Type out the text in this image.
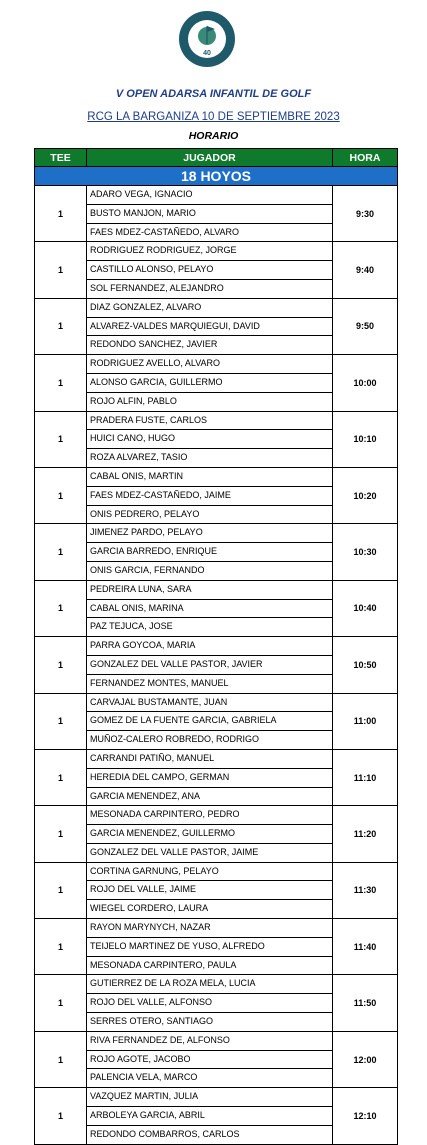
40
V OPEN ADARSA INFANTIL DE GOLF
RCG LA BARGANIZA 10 DE SEPTIEMBRE 2023
HORARIO
TEE	JUGADOR	HORA
18 HOYOS		
1	ADARO VEGA, IGNACIO
BUSTO MANJON, MARIO
FAES MDEZ-CASTAÑEDO, ALVARO	9:30
1	RODRIGUEZ RODRIGUEZ, JORGE
CASTILLO ALONSO, PELAYO
SOL FERNANDEZ, ALEJANDRO	9:40
1	DIAZ GONZALEZ, ALVARO
ALVAREZ-VALDES MARQUIEGUI, DAVID
REDONDO SANCHEZ, JAVIER	9:50
1	RODRIGUEZ AVELLO, ALVARO
ALONSO GARCIA, GUILLERMO
ROJO ALFIN, PABLO	10:00
1	PRADERA FUSTE, CARLOS
HUICI CANO, HUGO
ROZA ALVAREZ, TASIO	10:10
1	CABAL ONIS, MARTIN
FAES MDEZ-CASTAÑEDO, JAIME
ONIS PEDRERO, PELAYO	10:20
1	JIMENEZ PARDO, PELAYO
GARCIA BARREDO, ENRIQUE
ONIS GARCIA, FERNANDO	10:30
1	PEDREIRA LUNA, SARA
CABAL ONIS, MARINA
PAZ TEJUCA, JOSE	10:40
1	PARRA GOYCOA, MARIA
GONZALEZ DEL VALLE PASTOR, JAVIER
FERNANDEZ MONTES, MANUEL	10:50
1	CARVAJAL BUSTAMANTE, JUAN
GOMEZ DE LA FUENTE GARCIA, GABRIELA
MUÑOZ-CALERO ROBREDO, RODRIGO	11:00
1	CARRANDI PATIÑO, MANUEL
HEREDIA DEL CAMPO, GERMAN
GARCIA MENENDEZ, ANA	11:10
1	MESONADA CARPINTERO, PEDRO
GARCIA MENENDEZ, GUILLERMO
GONZALEZ DEL VALLE PASTOR, JAIME	11:20
1	CORTINA GARNUNG, PELAYO
ROJO DEL VALLE, JAIME
WIEGEL CORDERO, LAURA	11:30
1	RAYON MARYNYCH, NAZAR
TEIJELO MARTINEZ DE YUSO, ALFREDO
MESONADA CARPINTERO, PAULA	11:40
1	GUTIERREZ DE LA ROZA MELA, LUCIA
ROJO DEL VALLE, ALFONSO
SERRES OTERO, SANTIAGO	11:50
1	RIVA FERNANDEZ DE, ALFONSO
ROJO AGOTE, JACOBO
PALENCIA VELA, MARCO	12:00
1	VAZQUEZ MARTIN, JULIA
ARBOLEYA GARCIA, ABRIL
REDONDO COMBARROS, CARLOS	12:10
